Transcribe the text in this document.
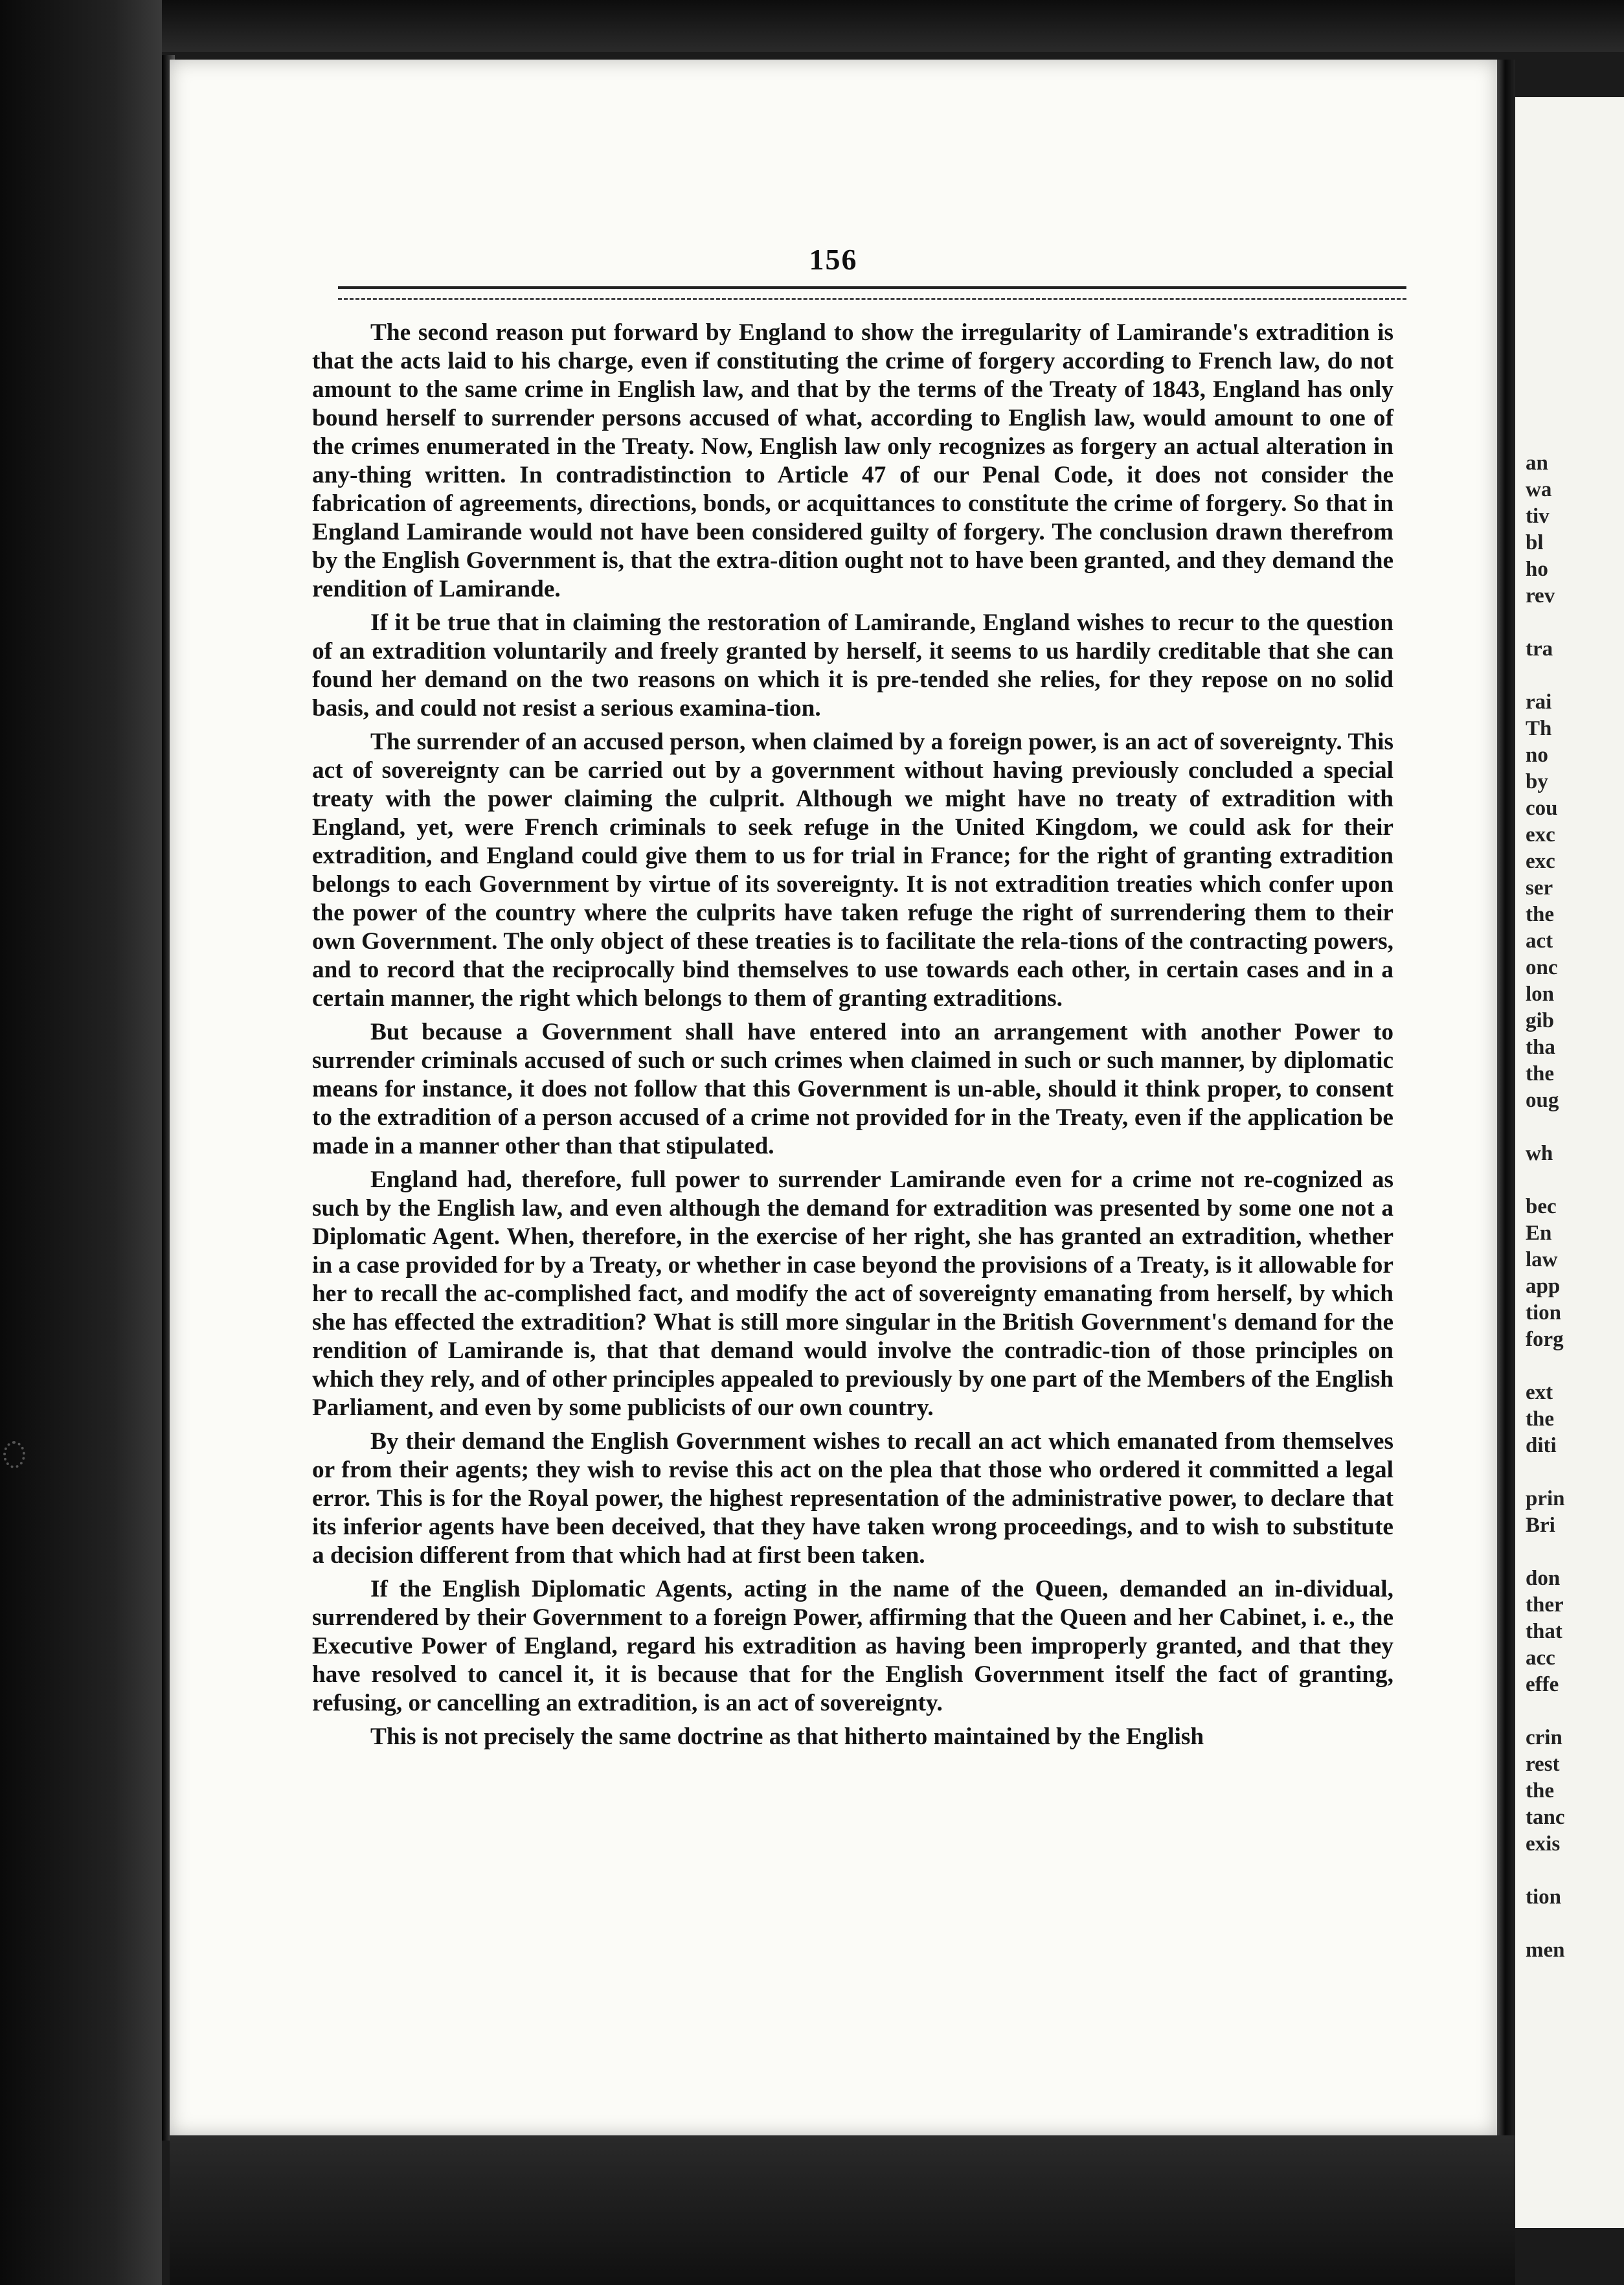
156

The second reason put forward by England to show the irregularity of Lamirande's extradition is that the acts laid to his charge, even if constituting the crime of forgery according to French law, do not amount to the same crime in English law, and that by the terms of the Treaty of 1843, England has only bound herself to surrender persons accused of what, according to English law, would amount to one of the crimes enumerated in the Treaty. Now, English law only recognizes as forgery an actual alteration in any-thing written. In contradistinction to Article 47 of our Penal Code, it does not consider the fabrication of agreements, directions, bonds, or acquittances to constitute the crime of forgery. So that in England Lamirande would not have been considered guilty of forgery. The conclusion drawn therefrom by the English Government is, that the extra-dition ought not to have been granted, and they demand the rendition of Lamirande.

If it be true that in claiming the restoration of Lamirande, England wishes to recur to the question of an extradition voluntarily and freely granted by herself, it seems to us hardily creditable that she can found her demand on the two reasons on which it is pre-tended she relies, for they repose on no solid basis, and could not resist a serious examina-tion.

The surrender of an accused person, when claimed by a foreign power, is an act of sovereignty. This act of sovereignty can be carried out by a government without having previously concluded a special treaty with the power claiming the culprit. Although we might have no treaty of extradition with England, yet, were French criminals to seek refuge in the United Kingdom, we could ask for their extradition, and England could give them to us for trial in France; for the right of granting extradition belongs to each Government by virtue of its sovereignty. It is not extradition treaties which confer upon the power of the country where the culprits have taken refuge the right of surrendering them to their own Government. The only object of these treaties is to facilitate the rela-tions of the contracting powers, and to record that the reciprocally bind themselves to use towards each other, in certain cases and in a certain manner, the right which belongs to them of granting extraditions.

But because a Government shall have entered into an arrangement with another Power to surrender criminals accused of such or such crimes when claimed in such or such manner, by diplomatic means for instance, it does not follow that this Government is un-able, should it think proper, to consent to the extradition of a person accused of a crime not provided for in the Treaty, even if the application be made in a manner other than that stipulated.

England had, therefore, full power to surrender Lamirande even for a crime not re-cognized as such by the English law, and even although the demand for extradition was presented by some one not a Diplomatic Agent. When, therefore, in the exercise of her right, she has granted an extradition, whether in a case provided for by a Treaty, or whether in case beyond the provisions of a Treaty, is it allowable for her to recall the ac-complished fact, and modify the act of sovereignty emanating from herself, by which she has effected the extradition? What is still more singular in the British Government's demand for the rendition of Lamirande is, that that demand would involve the contradic-tion of those principles on which they rely, and of other principles appealed to previously by one part of the Members of the English Parliament, and even by some publicists of our own country.

By their demand the English Government wishes to recall an act which emanated from themselves or from their agents; they wish to revise this act on the plea that those who ordered it committed a legal error. This is for the Royal power, the highest representation of the administrative power, to declare that its inferior agents have been deceived, that they have taken wrong proceedings, and to wish to substitute a decision different from that which had at first been taken.

If the English Diplomatic Agents, acting in the name of the Queen, demanded an in-dividual, surrendered by their Government to a foreign Power, affirming that the Queen and her Cabinet, i. e., the Executive Power of England, regard his extradition as having been improperly granted, and that they have resolved to cancel it, it is because that for the English Government itself the fact of granting, refusing, or cancelling an extradition, is an act of sovereignty.

This is not precisely the same doctrine as that hitherto maintained by the English

an
wa
tiv
bl
ho
rev
tra
rai
Th
no
by
cou
exc
exc
ser
the
act
onc
lon
gib
tha
the
oug
wh
bec
En
law
app
tion
forg
ext
the
diti
prin
Bri
don
ther
that
acc
effe
crin
rest
the
tanc
exis
tion
men
